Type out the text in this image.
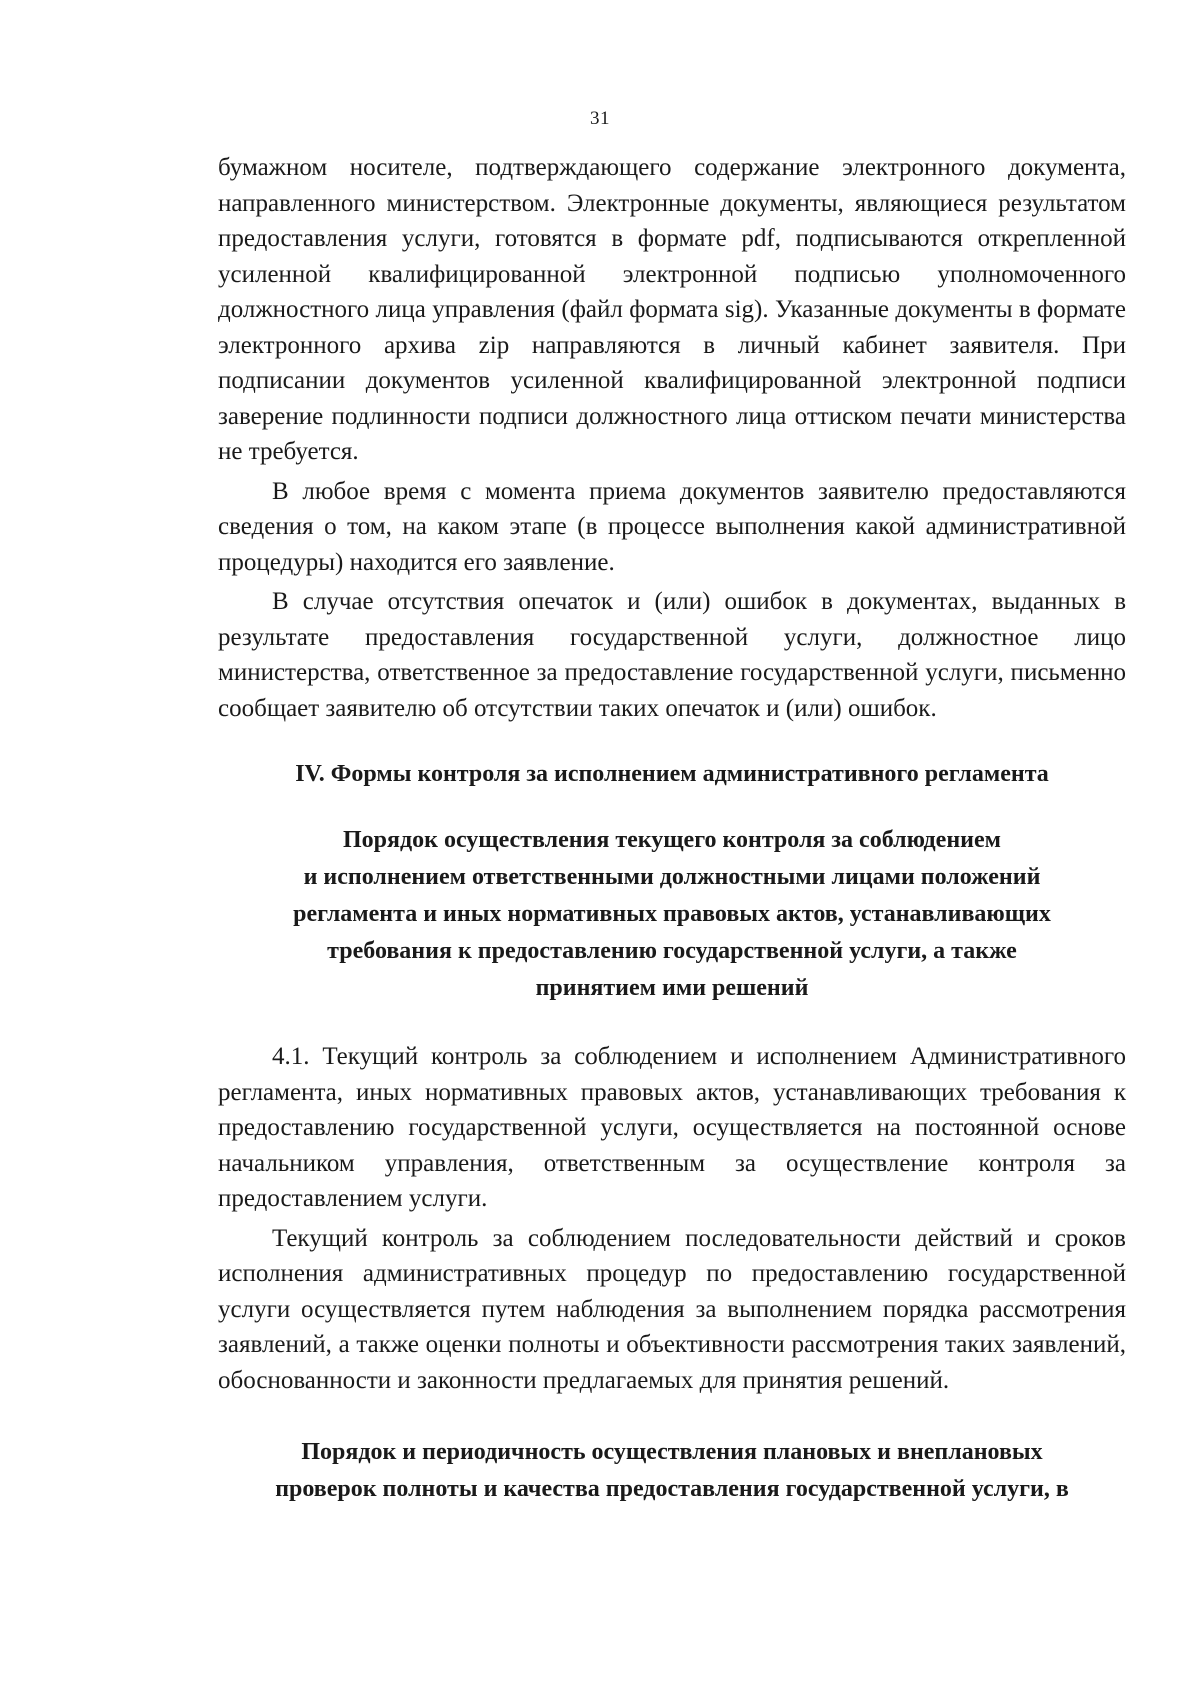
31

бумажном носителе, подтверждающего содержание электронного документа, направленного министерством. Электронные документы, являющиеся результатом предоставления услуги, готовятся в формате pdf, подписываются открепленной усиленной квалифицированной электронной подписью уполномоченного должностного лица управления (файл формата sig). Указанные документы в формате электронного архива zip направляются в личный кабинет заявителя. При подписании документов усиленной квалифицированной электронной подписи заверение подлинности подписи должностного лица оттиском печати министерства не требуется.

В любое время с момента приема документов заявителю предоставляются сведения о том, на каком этапе (в процессе выполнения какой административной процедуры) находится его заявление.

В случае отсутствия опечаток и (или) ошибок в документах, выданных в результате предоставления государственной услуги, должностное лицо министерства, ответственное за предоставление государственной услуги, письменно сообщает заявителю об отсутствии таких опечаток и (или) ошибок.

IV. Формы контроля за исполнением административного регламента
Порядок осуществления текущего контроля за соблюдением
и исполнением ответственными должностными лицами положений
регламента и иных нормативных правовых актов, устанавливающих
требования к предоставлению государственной услуги, а также
принятием ими решений

4.1. Текущий контроль за соблюдением и исполнением Административного регламента, иных нормативных правовых актов, устанавливающих требования к предоставлению государственной услуги, осуществляется на постоянной основе начальником управления, ответственным за осуществление контроля за предоставлением услуги.

Текущий контроль за соблюдением последовательности действий и сроков исполнения административных процедур по предоставлению государственной услуги осуществляется путем наблюдения за выполнением порядка рассмотрения заявлений, а также оценки полноты и объективности рассмотрения таких заявлений, обоснованности и законности предлагаемых для принятия решений.

Порядок и периодичность осуществления плановых и внеплановых
проверок полноты и качества предоставления государственной услуги, в
